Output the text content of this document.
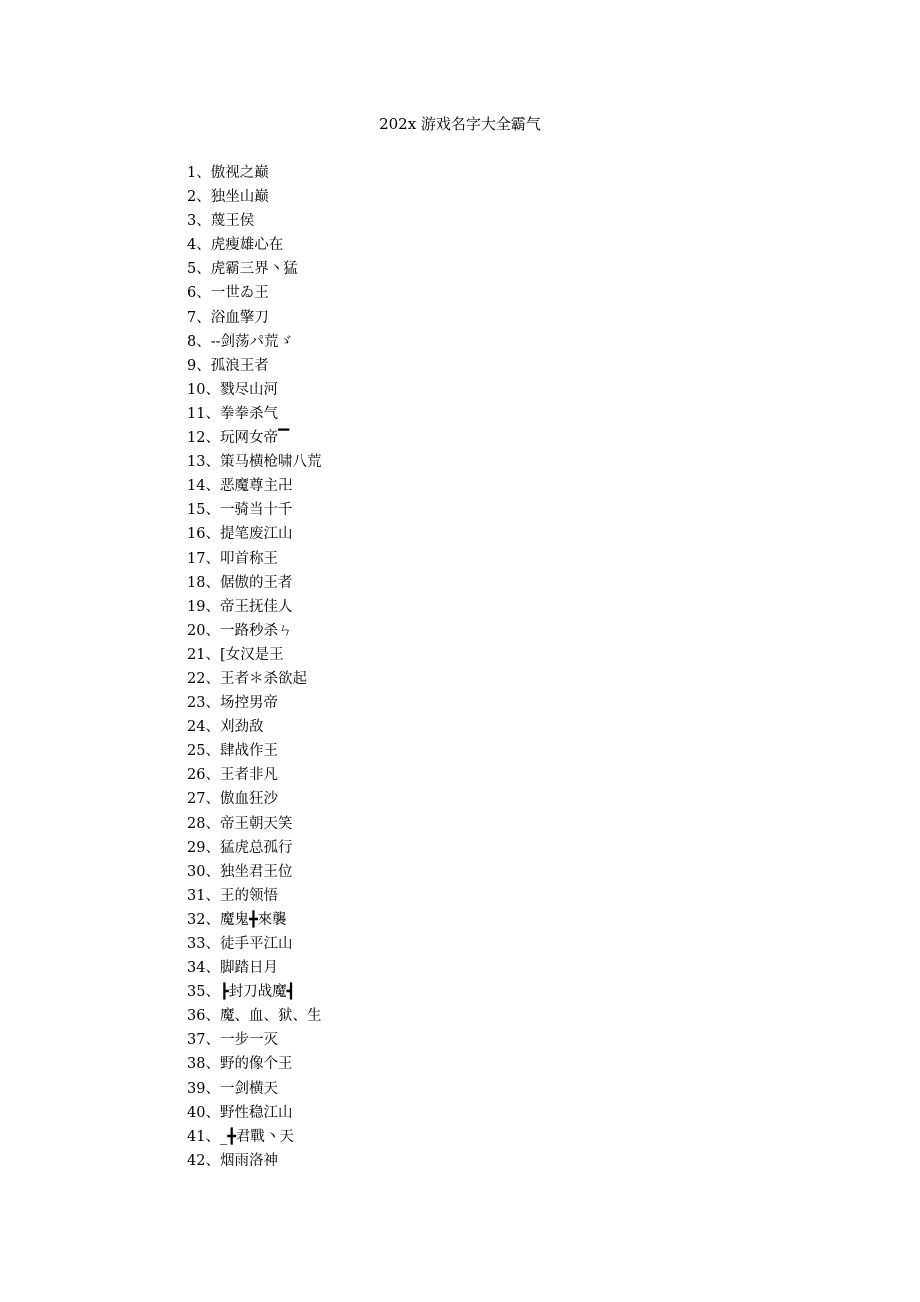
202x 游戏名字大全霸气
1、傲视之巅
2、独坐山巅
3、蔑王侯
4、虎瘦雄心在
5、虎霸三界丶猛
6、一世ゐ王
7、浴血擎刀
8、--剑荡パ荒ゞ
9、孤浪王者
10、戮尽山河
11、拳拳杀气
12、玩网女帝▔
13、策马横枪啸八荒
14、恶魔尊主卍
15、一骑当十千
16、提笔废江山
17、叩首称王
18、倨傲的王者
19、帝王抚佳人
20、一路秒杀ㄣ
21、[女汉是王
22、王者＊杀欲起
23、场控男帝
24、刈劲敌
25、肆战作王
26、王者非凡
27、傲血狂沙
28、帝王朝天笑
29、猛虎总孤行
30、独坐君王位
31、王的领悟
32、魔鬼╋來襲
33、徒手平江山
34、脚踏日月
35、┣封刀战魔┫
36、魔、血、狱、生
37、一步一灭
38、野的像个王
39、一剑横天
40、野性稳江山
41、_╋君戰丶天
42、烟雨洛神
